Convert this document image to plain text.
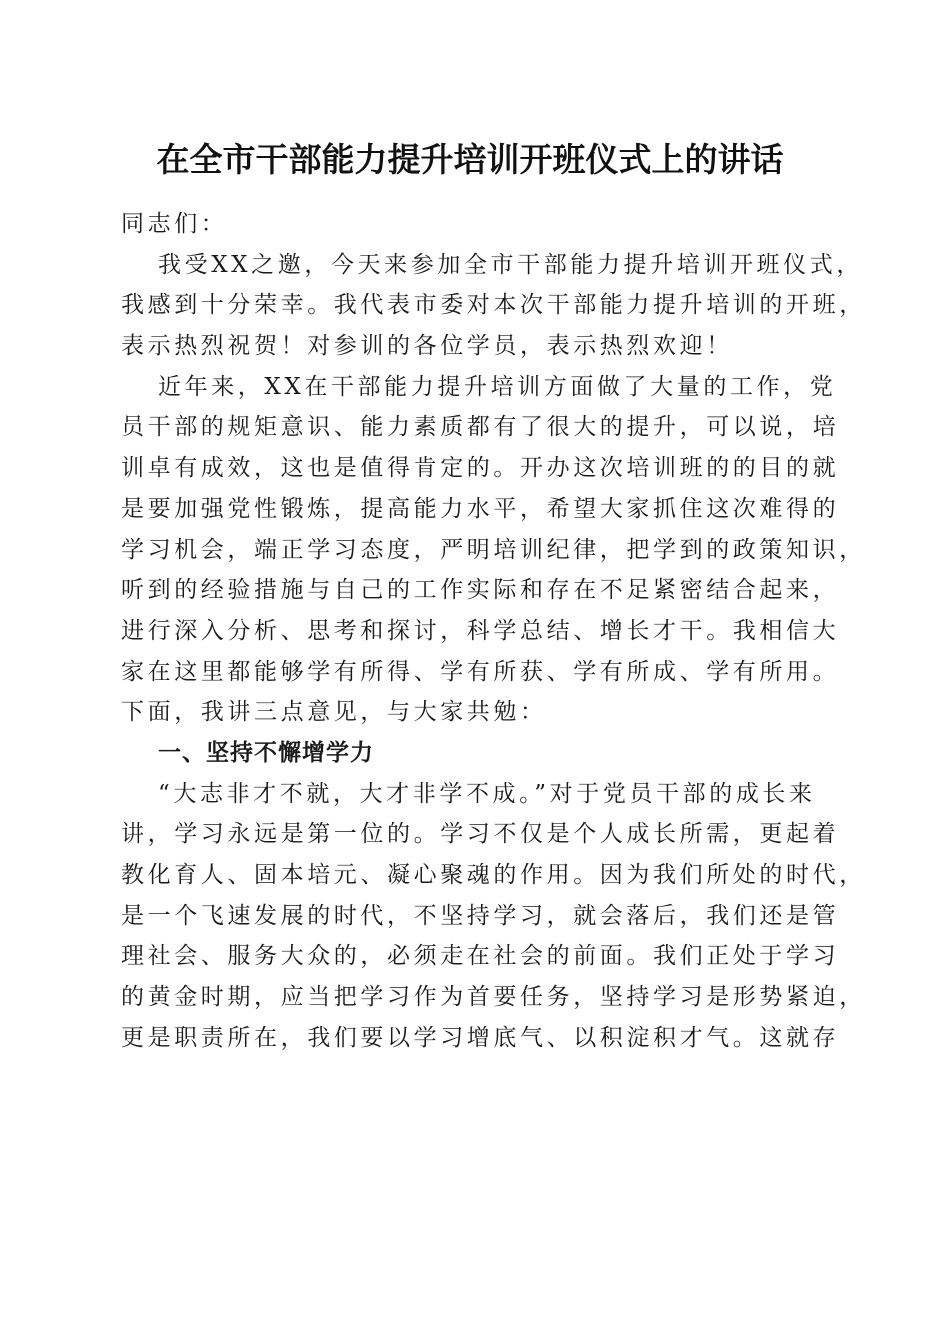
在全市干部能力提升培训开班仪式上的讲话
同志们：
我受XX之邀，今天来参加全市干部能力提升培训开班仪式，
我感到十分荣幸。我代表市委对本次干部能力提升培训的开班，
表示热烈祝贺！对参训的各位学员，表示热烈欢迎！
近年来，XX在干部能力提升培训方面做了大量的工作，党
员干部的规矩意识、能力素质都有了很大的提升，可以说，培
训卓有成效，这也是值得肯定的。开办这次培训班的的目的就
是要加强党性锻炼，提高能力水平，希望大家抓住这次难得的
学习机会，端正学习态度，严明培训纪律，把学到的政策知识，
听到的经验措施与自己的工作实际和存在不足紧密结合起来，
进行深入分析、思考和探讨，科学总结、增长才干。我相信大
家在这里都能够学有所得、学有所获、学有所成、学有所用。
下面，我讲三点意见，与大家共勉：
一、坚持不懈增学力
“大志非才不就，大才非学不成。”对于党员干部的成长来
讲，学习永远是第一位的。学习不仅是个人成长所需，更起着
教化育人、固本培元、凝心聚魂的作用。因为我们所处的时代，
是一个飞速发展的时代，不坚持学习，就会落后，我们还是管
理社会、服务大众的，必须走在社会的前面。我们正处于学习
的黄金时期，应当把学习作为首要任务，坚持学习是形势紧迫，
更是职责所在，我们要以学习增底气、以积淀积才气。这就存
